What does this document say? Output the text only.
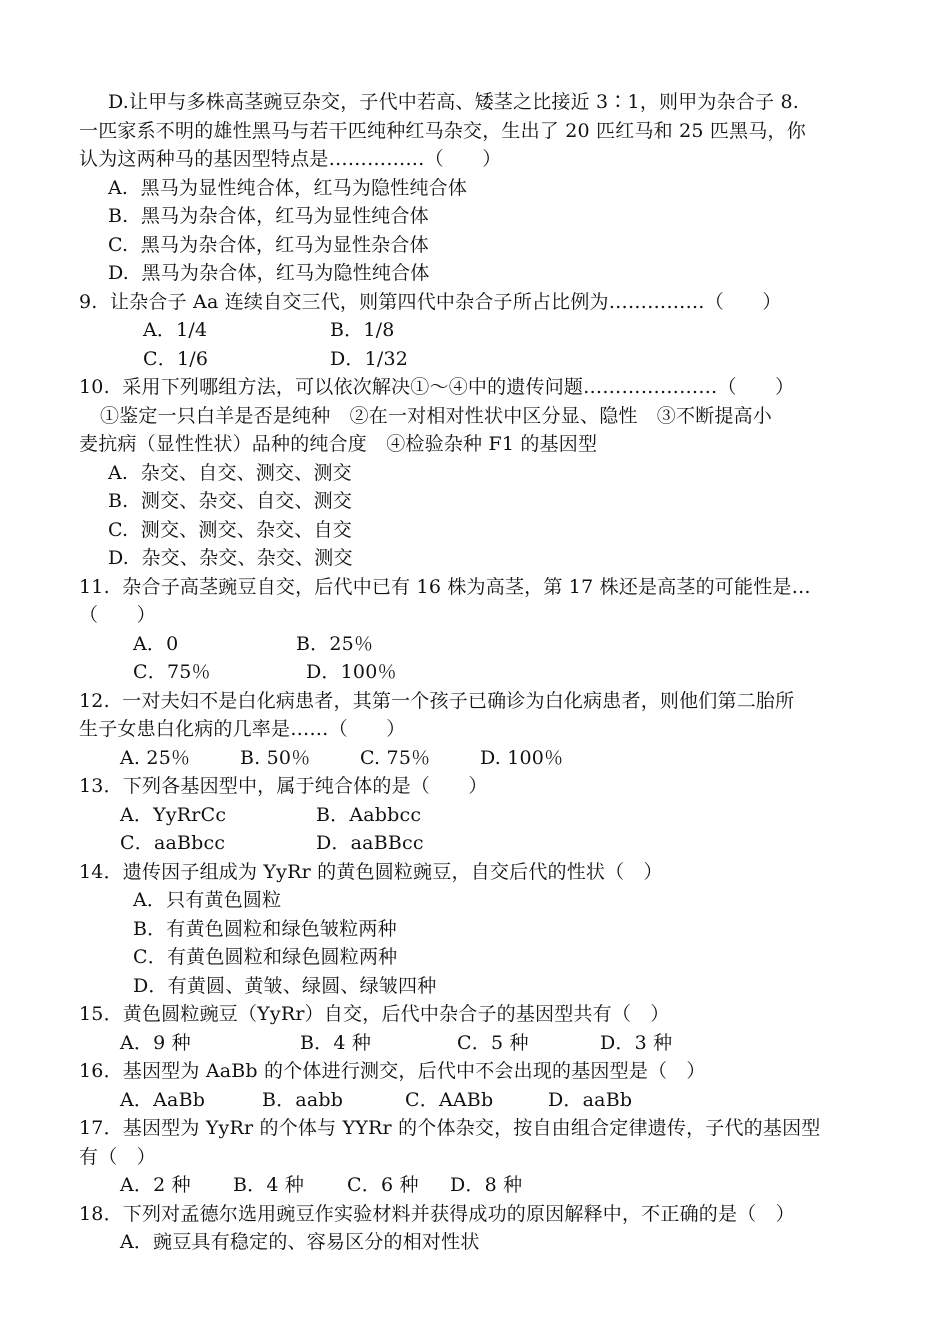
D.让甲与多株高茎豌豆杂交，子代中若高、矮茎之比接近 3∶1，则甲为杂合子 8.
一匹家系不明的雄性黑马与若干匹纯种红马杂交，生出了 20 匹红马和 25 匹黑马，你
认为这两种马的基因型特点是……………（　　）
A.  黑马为显性纯合体，红马为隐性纯合体
B.  黑马为杂合体，红马为显性纯合体
C.  黑马为杂合体，红马为显性杂合体
D.  黑马为杂合体，红马为隐性纯合体
9.  让杂合子 Aa 连续自交三代，则第四代中杂合子所占比例为……………（　　）
A．1/4	B．1/8
C．1/6	D．1/32
10.  采用下列哪组方法，可以依次解决①～④中的遗传问题…………………（　　）
①鉴定一只白羊是否是纯种　②在一对相对性状中区分显、隐性　③不断提高小
麦抗病（显性性状）品种的纯合度　④检验杂种 F1 的基因型
A.  杂交、自交、测交、测交
B.  测交、杂交、自交、测交
C.  测交、测交、杂交、自交
D.  杂交、杂交、杂交、测交
11.  杂合子高茎豌豆自交，后代中已有 16 株为高茎，第 17 株还是高茎的可能性是…
（　　）
A．0	B．25％
C．75％	D．100％
12.  一对夫妇不是白化病患者，其第一个孩子已确诊为白化病患者，则他们第二胎所
生子女患白化病的几率是……（　　）
A. 25％	B. 50％	C. 75％	D. 100％
13．下列各基因型中，属于纯合体的是（　　）
A．YyRrCc	B．Aabbcc
C．aaBbcc	D．aaBBcc
14．遗传因子组成为 YyRr 的黄色圆粒豌豆，自交后代的性状（　）
A．只有黄色圆粒
B．有黄色圆粒和绿色皱粒两种
C．有黄色圆粒和绿色圆粒两种
D．有黄圆、黄皱、绿圆、绿皱四种
15．黄色圆粒豌豆（YyRr）自交，后代中杂合子的基因型共有（　）
A．9 种	B．4 种	C．5 种	D．3 种
16．基因型为 AaBb 的个体进行测交，后代中不会出现的基因型是（　）
A．AaBb	B．aabb	C．AABb	D．aaBb
17．基因型为 YyRr 的个体与 YYRr 的个体杂交，按自由组合定律遗传，子代的基因型
有（　）
A．2 种 B．4 种 C．6 种 D．8 种
18．下列对孟德尔选用豌豆作实验材料并获得成功的原因解释中，不正确的是（　）
A．豌豆具有稳定的、容易区分的相对性状
